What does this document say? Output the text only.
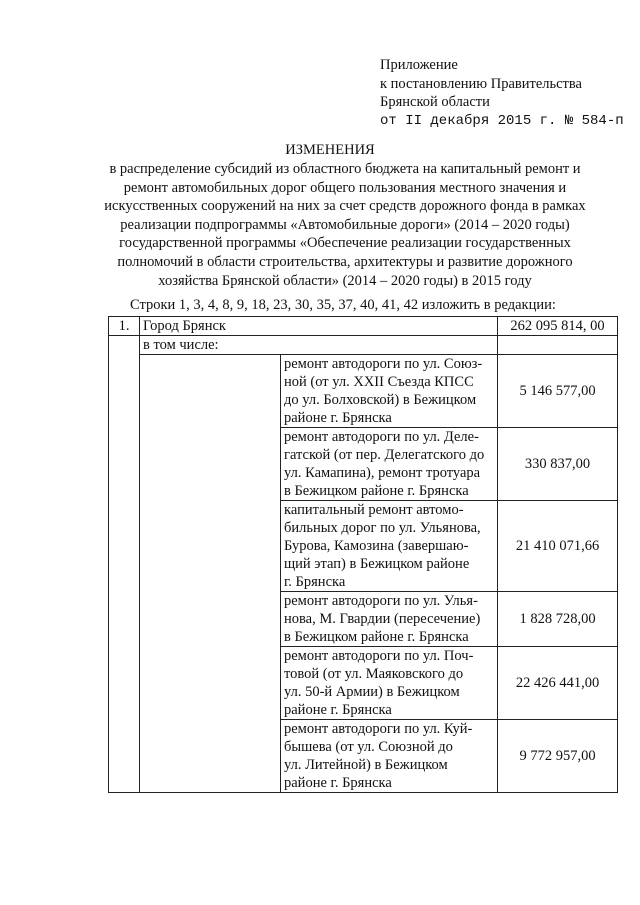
Приложение
к постановлению Правительства
Брянской области
от II декабря 2015 г. № 584-п
ИЗМЕНЕНИЯ
в распределение субсидий из областного бюджета на капитальный ремонт и
ремонт автомобильных дорог общего пользования местного значения и
искусственных сооружений на них за счет средств дорожного фонда в рамках
реализации подпрограммы «Автомобильные дороги» (2014 – 2020 годы)
государственной программы «Обеспечение реализации государственных
полномочий в области строительства, архитектуры и развитие дорожного
хозяйства Брянской области» (2014 – 2020 годы) в 2015 году
Строки 1, 3, 4, 8, 9, 18, 23, 30, 35, 37, 40, 41, 42 изложить в редакции:
1.	Город Брянск		262 095 814, 00
	в том числе:		

		ремонт автодороги по ул. Союз-
ной (от ул. XXII Съезда КПСС
до ул. Болховской) в Бежицком
районе г. Брянска	5 146 577,00

		ремонт автодороги по ул. Деле-
гатской (от пер. Делегатского до
ул. Камапина), ремонт тротуара
в Бежицком районе г. Брянска	330 837,00

		капитальный ремонт автомо-
бильных дорог по ул. Ульянова,
Бурова, Камозина (завершаю-
щий этап) в Бежицком районе
г. Брянска	21 410 071,66

		ремонт автодороги по ул. Улья-
нова, М. Гвардии (пересечение)
в Бежицком районе г. Брянска	1 828 728,00

		ремонт автодороги по ул. Поч-
товой (от ул. Маяковского до
ул. 50-й Армии) в Бежицком
районе г. Брянска	22 426 441,00

		ремонт автодороги по ул. Куй-
бышева (от ул. Союзной до
ул. Литейной) в Бежицком
районе г. Брянска	9 772 957,00
